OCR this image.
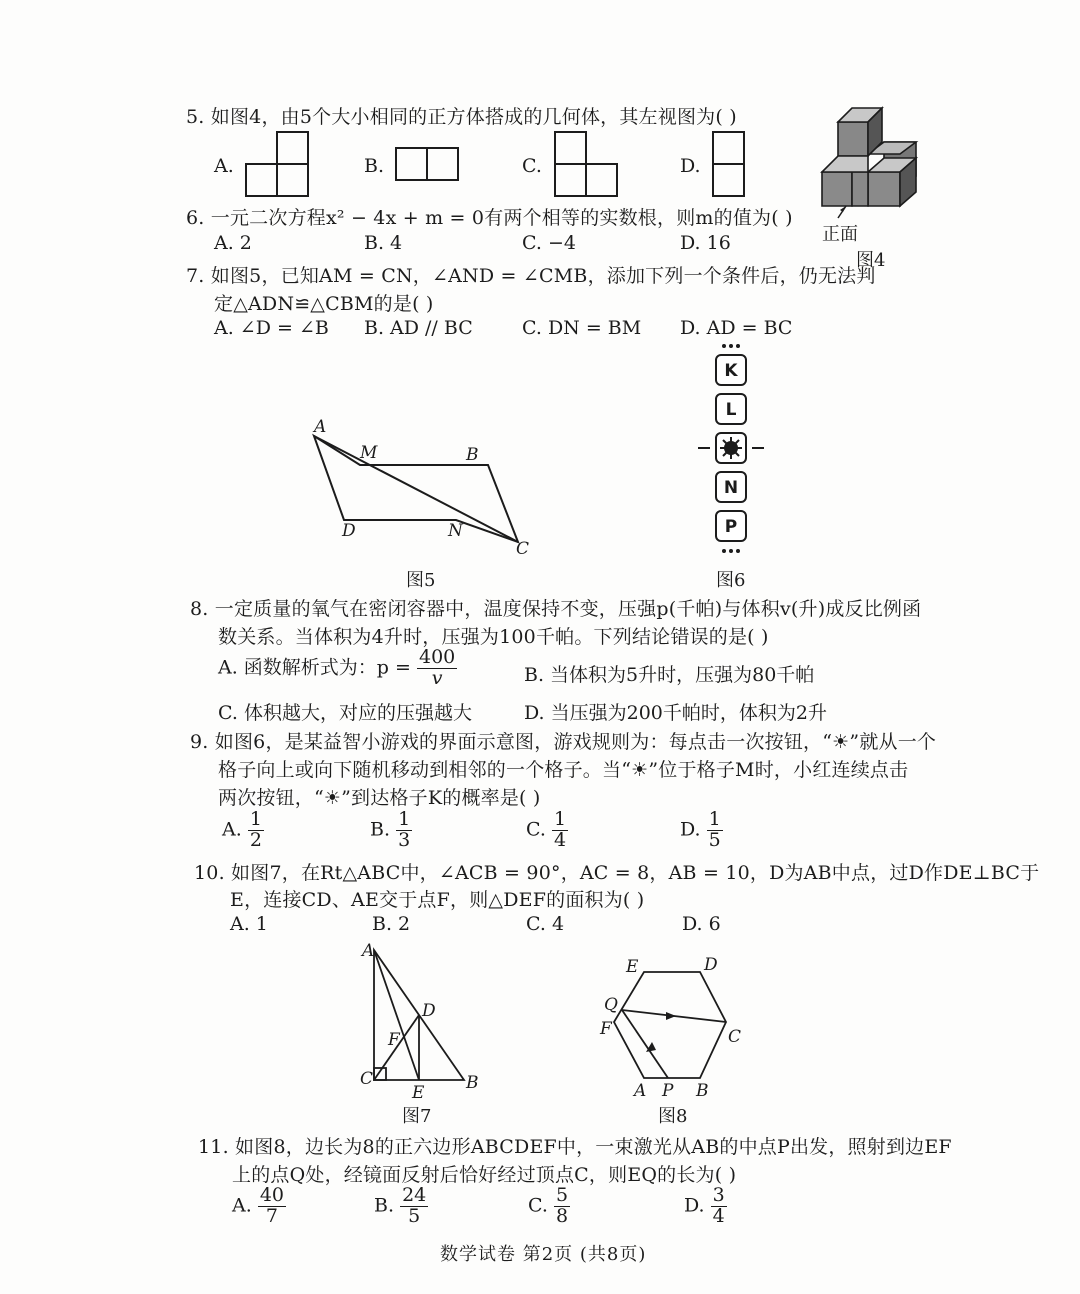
5. 如图4，由5个大小相同的正方体搭成的几何体，其左视图为( )
A.	B.	C.	D.
正面
图4
6. 一元二次方程x² − 4x + m = 0有两个相等的实数根，则m的值为( )
A. 2	B. 4	C. −4	D. 16
7. 如图5，已知AM = CN，∠AND = ∠CMB，添加下列一个条件后，仍无法判
定△ADN≌△CBM的是( )
A. ∠D = ∠B B. AD // BC	C. DN = BM D. AD = BC
A
M	B
D	N
C
图5
K
L
N
P
图6
8. 一定质量的氧气在密闭容器中，温度保持不变，压强p(千帕)与体积v(升)成反比例函
数关系。当体积为4升时，压强为100千帕。下列结论错误的是( )
A. 函数解析式为：$p = \frac{400}{v}$	B. 当体积为5升时，压强为80千帕
C. 体积越大，对应的压强越大	D. 当压强为200千帕时，体积为2升
9. 如图6，是某益智小游戏的界面示意图，游戏规则为：每点击一次按钮，“☀”就从一个
格子向上或向下随机移动到相邻的一个格子。当“☀”位于格子M时，小红连续点击
两次按钮，“☀”到达格子K的概率是( )
A. $\frac{1}{2}$	B. $\frac{1}{3}$	C. $\frac{1}{4}$	D. $\frac{1}{5}$
10. 如图7，在Rt△ABC中，∠ACB = 90°，AC = 8，AB = 10，D为AB中点，过D作DE⊥BC于
E，连接CD、AE交于点F，则△DEF的面积为( )
A. 1	B. 2	C. 4	D. 6
A
D
F
C
E B
图7
E	D
Q
F	C
A P B
图8
11. 如图8，边长为8的正六边形ABCDEF中，一束激光从AB的中点P出发，照射到边EF
上的点Q处，经镜面反射后恰好经过顶点C，则EQ的长为( )
A. $\frac{40}{7}$	B. $\frac{24}{5}$	C. $\frac{5}{8}$	D. $\frac{3}{4}$
数学试卷 第2页 (共8页)
